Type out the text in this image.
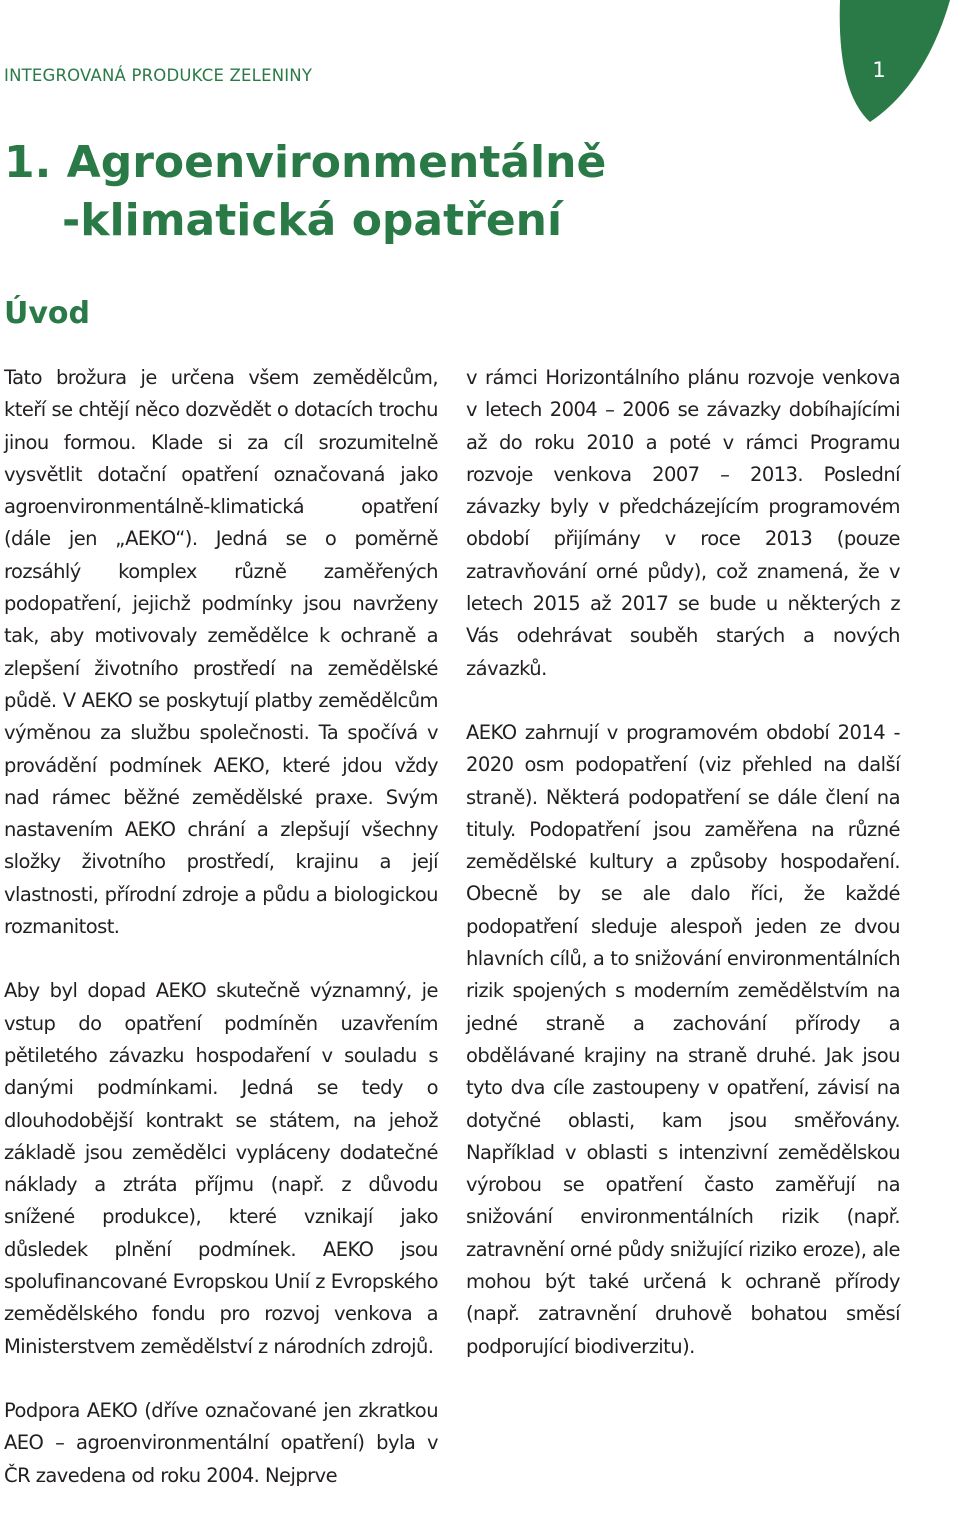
INTEGROVANÁ PRODUKCE ZELENINY	1
1. Agroenvironmentálně
-klimatická opatření
Úvod

Tato brožura je určena všem zemědělcům, kteří se chtějí něco dozvědět o dotacích trochu jinou formou. Klade si za cíl srozumitelně vysvětlit dotační opatření označovaná jako agroenvironmentálně-klimatická opatření (dále jen „AEKO“). Jedná se o poměrně rozsáhlý komplex různě zaměřených podopatření, jejichž podmínky jsou navrženy tak, aby motivovaly zemědělce k ochraně a zlepšení životního prostředí na zemědělské půdě. V AEKO se poskytují platby zemědělcům výměnou za službu společnosti. Ta spočívá v provádění podmínek AEKO, které jdou vždy nad rámec běžné zemědělské praxe. Svým nastavením AEKO chrání a zlepšují všechny složky životního prostředí, krajinu a její vlastnosti, přírodní zdroje a půdu a biologickou rozmanitost.

Aby byl dopad AEKO skutečně významný, je vstup do opatření podmíněn uzavřením pětiletého závazku hospodaření v souladu s danými podmínkami. Jedná se tedy o dlouhodobější kontrakt se státem, na jehož základě jsou zemědělci vypláceny dodatečné náklady a ztráta příjmu (např. z důvodu snížené produkce), které vznikají jako důsledek plnění podmínek. AEKO jsou spolufinancované Evropskou Unií z Evropského zemědělského fondu pro rozvoj venkova a Ministerstvem zemědělství z národních zdrojů.

Podpora AEKO (dříve označované jen zkratkou AEO – agroenvironmentální opatření) byla v ČR zavedena od roku 2004. Nejprve

v rámci Horizontálního plánu rozvoje venkova v letech 2004 – 2006 se závazky dobíhajícími až do roku 2010 a poté v rámci Programu rozvoje venkova 2007 – 2013. Poslední závazky byly v předcházejícím programovém období přijímány v roce 2013 (pouze zatravňování orné půdy), což znamená, že v letech 2015 až 2017 se bude u některých z Vás odehrávat souběh starých a nových závazků.

AEKO zahrnují v programovém období 2014 - 2020 osm podopatření (viz přehled na další straně). Některá podopatření se dále člení na tituly. Podopatření jsou zaměřena na různé zemědělské kultury a způsoby hospodaření. Obecně by se ale dalo říci, že každé podopatření sleduje alespoň jeden ze dvou hlavních cílů, a to snižování environmentálních rizik spojených s moderním zemědělstvím na jedné straně a zachování přírody a obdělávané krajiny na straně druhé. Jak jsou tyto dva cíle zastoupeny v opatření, závisí na dotyčné oblasti, kam jsou směřovány. Například v oblasti s intenzivní zemědělskou výrobou se opatření často zaměřují na snižování environmentálních rizik (např. zatravnění orné půdy snižující riziko eroze), ale mohou být také určená k ochraně přírody (např. zatravnění druhově bohatou směsí podporující biodiverzitu).
